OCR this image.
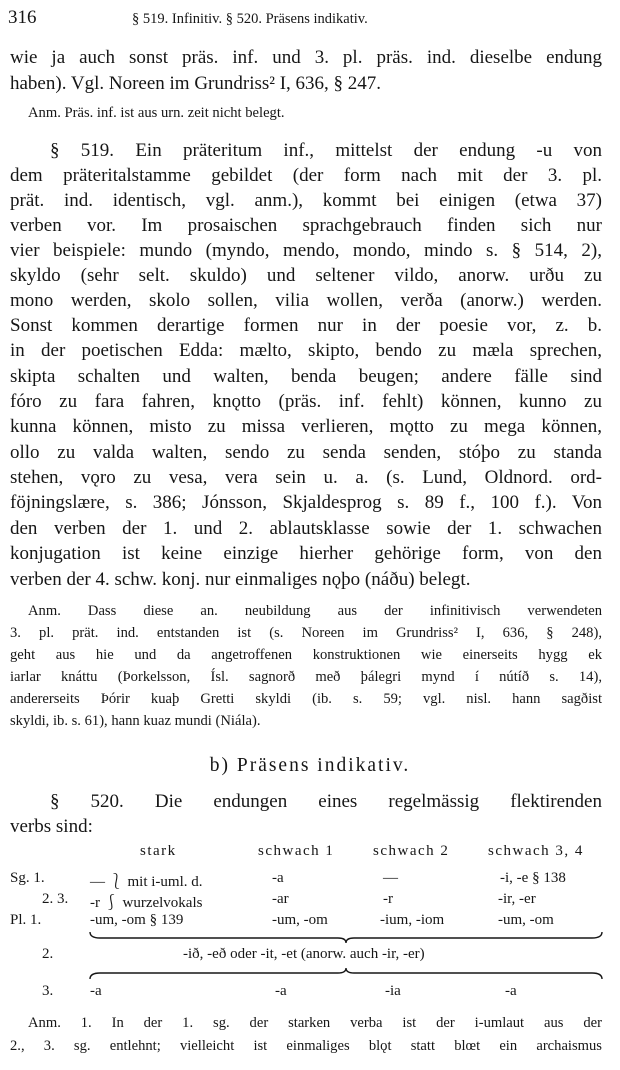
316	§ 519. Infinitiv. § 520. Präsens indikativ.
wie ja auch sonst präs. inf. und 3. pl. präs. ind. dieselbe endung
haben). Vgl. Noreen im Grundriss² I, 636, § 247.
Anm. Präs. inf. ist aus urn. zeit nicht belegt.
§ 519. Ein präteritum inf., mittelst der endung -u von
dem präteritalstamme gebildet (der form nach mit der 3. pl.
prät. ind. identisch, vgl. anm.), kommt bei einigen (etwa 37)
verben vor. Im prosaischen sprachgebrauch finden sich nur
vier beispiele: mundo (myndo, mendo, mondo, mindo s. § 514, 2),
skyldo (sehr selt. skuldo) und seltener vildo, anorw. urðu zu
mono werden, skolo sollen, vilia wollen, verða (anorw.) werden.
Sonst kommen derartige formen nur in der poesie vor, z. b.
in der poetischen Edda: mælto, skipto, bendo zu mæla sprechen,
skipta schalten und walten, benda beugen; andere fälle sind
fóro zu fara fahren, knǫtto (präs. inf. fehlt) können, kunno zu
kunna können, misto zu missa verlieren, mǫtto zu mega können,
ollo zu valda walten, sendo zu senda senden, stóþo zu standa
stehen, vǫro zu vesa, vera sein u. a. (s. Lund, Oldnord. ord-
föjningslære, s. 386; Jónsson, Skjaldesprog s. 89 f., 100 f.). Von
den verben der 1. und 2. ablautsklasse sowie der 1. schwachen
konjugation ist keine einzige hierher gehörige form, von den
verben der 4. schw. konj. nur einmaliges nǫþo (náðu) belegt.
Anm. Dass diese an. neubildung aus der infinitivisch verwendeten
3. pl. prät. ind. entstanden ist (s. Noreen im Grundriss² I, 636, § 248),
geht aus hie und da angetroffenen konstruktionen wie einerseits hygg ek
iarlar knáttu (Þorkelsson, Ísl. sagnorð með þálegri mynd í nútíð s. 14),
andererseits Þórir kuaþ Gretti skyldi (ib. s. 59; vgl. nisl. hann sagðist
skyldi, ib. s. 61), hann kuaz mundi (Niála).
b) Präsens indikativ.
§ 520. Die endungen eines regelmässig flektirenden
verbs sind:
stark	schwach 1	schwach 2	schwach 3, 4
Sg. 1.	— ⎱ mit i-uml. d.	-a	—	-i, -e § 138
2. 3. -r ⎰ wurzelvokals	-ar	-r	-ir, -er
Pl. 1.	-um, -om § 139	-um, -om	-ium, -iom	-um, -om
2.	-ið, -eð oder -it, -et (anorw. auch -ir, -er)
3. -a	-a	-ia	-a
Anm. 1. In der 1. sg. der starken verba ist der i-umlaut aus der
2., 3. sg. entlehnt; vielleicht ist einmaliges blǫt statt blœt ein archaismus
